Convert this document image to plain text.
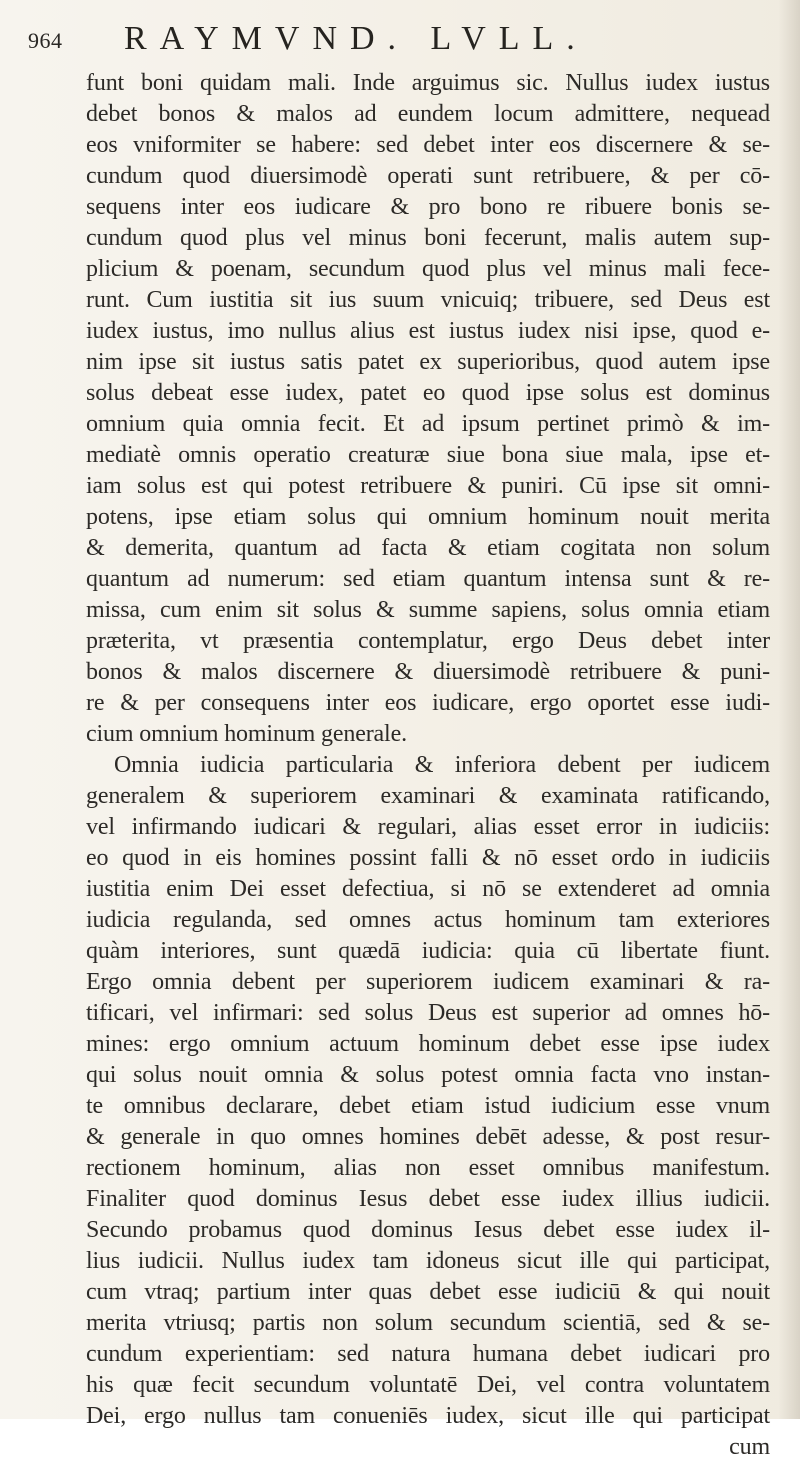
964 RAYMVND. LVLL.
funt boni quidam mali. Inde arguimus sic. Nullus iudex iustus
debet bonos & malos ad eundem locum admittere, nequead
eos vniformiter se habere: sed debet inter eos discernere & se-
cundum quod diuersimodè operati sunt retribuere, & per cō-
sequens inter eos iudicare & pro bono re ribuere bonis se-
cundum quod plus vel minus boni fecerunt, malis autem sup-
plicium & poenam, secundum quod plus vel minus mali fece-
runt. Cum iustitia sit ius suum vnicuiq; tribuere, sed Deus est
iudex iustus, imo nullus alius est iustus iudex nisi ipse, quod e-
nim ipse sit iustus satis patet ex superioribus, quod autem ipse
solus debeat esse iudex, patet eo quod ipse solus est dominus
omnium quia omnia fecit. Et ad ipsum pertinet primò & im-
mediatè omnis operatio creaturæ siue bona siue mala, ipse et-
iam solus est qui potest retribuere & puniri. Cū ipse sit omni-
potens, ipse etiam solus qui omnium hominum nouit merita
& demerita, quantum ad facta & etiam cogitata non solum
quantum ad numerum: sed etiam quantum intensa sunt & re-
missa, cum enim sit solus & summe sapiens, solus omnia etiam
præterita, vt præsentia contemplatur, ergo Deus debet inter
bonos & malos discernere & diuersimodè retribuere & puni-
re & per consequens inter eos iudicare, ergo oportet esse iudi-
cium omnium hominum generale.
Omnia iudicia particularia & inferiora debent per iudicem
generalem & superiorem examinari & examinata ratificando,
vel infirmando iudicari & regulari, alias esset error in iudiciis:
eo quod in eis homines possint falli & nō esset ordo in iudiciis
iustitia enim Dei esset defectiua, si nō se extenderet ad omnia
iudicia regulanda, sed omnes actus hominum tam exteriores
quàm interiores, sunt quædā iudicia: quia cū libertate fiunt.
Ergo omnia debent per superiorem iudicem examinari & ra-
tificari, vel infirmari: sed solus Deus est superior ad omnes hō-
mines: ergo omnium actuum hominum debet esse ipse iudex
qui solus nouit omnia & solus potest omnia facta vno instan-
te omnibus declarare, debet etiam istud iudicium esse vnum
& generale in quo omnes homines debēt adesse, & post resur-
rectionem hominum, alias non esset omnibus manifestum.
Finaliter quod dominus Iesus debet esse iudex illius iudicii.
Secundo probamus quod dominus Iesus debet esse iudex il-
lius iudicii. Nullus iudex tam idoneus sicut ille qui participat,
cum vtraq; partium inter quas debet esse iudiciū & qui nouit
merita vtriusq; partis non solum secundum scientiā, sed & se-
cundum experientiam: sed natura humana debet iudicari pro
his quæ fecit secundum voluntatē Dei, vel contra voluntatem
Dei, ergo nullus tam conueniēs iudex, sicut ille qui participat
cum
